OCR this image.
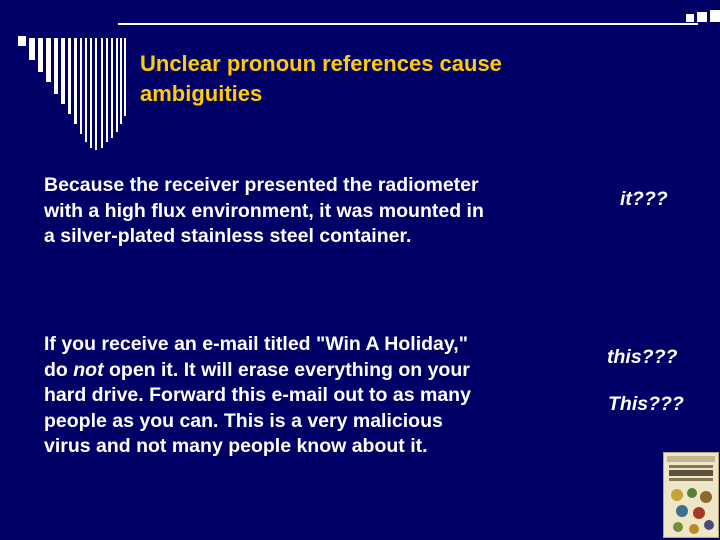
Unclear pronoun references cause
ambiguities
Because the receiver presented the radiometer
with a high flux environment, it was mounted in
a silver-plated stainless steel container.
it???
If you receive an e-mail titled "Win A Holiday,"
do not open it. It will erase everything on your
hard drive. Forward this e-mail out to as many
people as you can. This is a very malicious
virus and not many people know about it.
this???
This???
